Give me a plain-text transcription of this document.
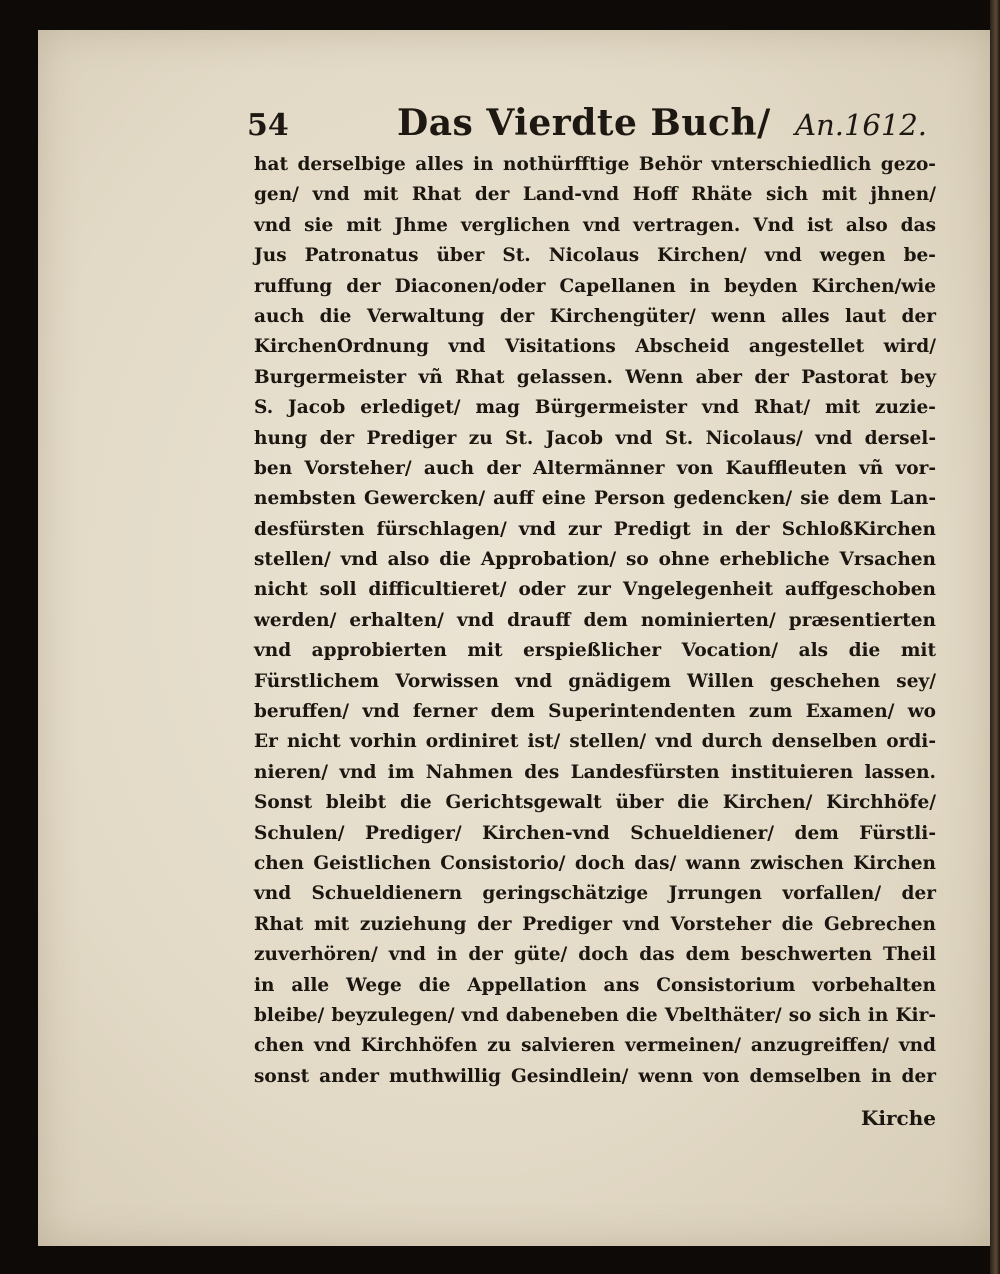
54	Das Vierdte Buch/ An.1612.
hat derselbige alles in nothürfftige Behör vnterschiedlich gezo-
gen/ vnd mit Rhat der Land-vnd Hoff Rhäte sich mit jhnen/
vnd sie mit Jhme verglichen vnd vertragen. Vnd ist also das
Jus Patronatus über St. Nicolaus Kirchen/ vnd wegen be-
ruffung der Diaconen/oder Capellanen in beyden Kirchen/wie
auch die Verwaltung der Kirchengüter/ wenn alles laut der
KirchenOrdnung vnd Visitations Abscheid angestellet wird/
Burgermeister vñ Rhat gelassen. Wenn aber der Pastorat bey
S. Jacob erlediget/ mag Bürgermeister vnd Rhat/ mit zuzie-
hung der Prediger zu St. Jacob vnd St. Nicolaus/ vnd dersel-
ben Vorsteher/ auch der Altermänner von Kauffleuten vñ vor-
nembsten Gewercken/ auff eine Person gedencken/ sie dem Lan-
desfürsten fürschlagen/ vnd zur Predigt in der SchloßKirchen
stellen/ vnd also die Approbation/ so ohne erhebliche Vrsachen
nicht soll difficultieret/ oder zur Vngelegenheit auffgeschoben
werden/ erhalten/ vnd drauff dem nominierten/ præsentierten
vnd approbierten mit erspießlicher Vocation/ als die mit
Fürstlichem Vorwissen vnd gnädigem Willen geschehen sey/
beruffen/ vnd ferner dem Superintendenten zum Examen/ wo
Er nicht vorhin ordiniret ist/ stellen/ vnd durch denselben ordi-
nieren/ vnd im Nahmen des Landesfürsten instituieren lassen.
Sonst bleibt die Gerichtsgewalt über die Kirchen/ Kirchhöfe/
Schulen/ Prediger/ Kirchen-vnd Schueldiener/ dem Fürstli-
chen Geistlichen Consistorio/ doch das/ wann zwischen Kirchen
vnd Schueldienern geringschätzige Jrrungen vorfallen/ der
Rhat mit zuziehung der Prediger vnd Vorsteher die Gebrechen
zuverhören/ vnd in der güte/ doch das dem beschwerten Theil
in alle Wege die Appellation ans Consistorium vorbehalten
bleibe/ beyzulegen/ vnd dabeneben die Vbelthäter/ so sich in Kir-
chen vnd Kirchhöfen zu salvieren vermeinen/ anzugreiffen/ vnd
sonst ander muthwillig Gesindlein/ wenn von demselben in der
Kirche
